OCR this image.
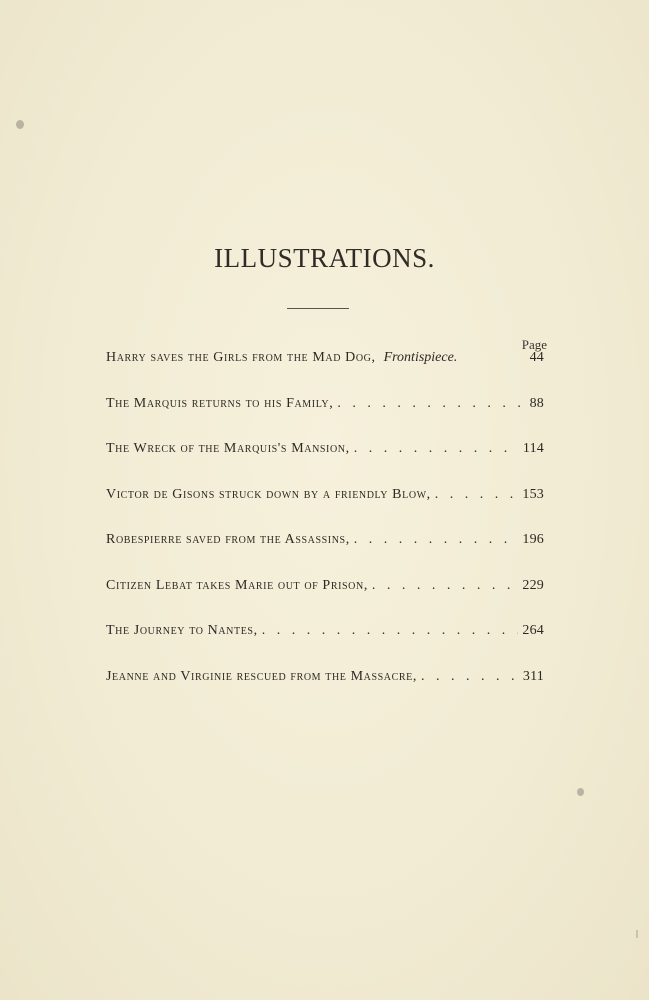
ILLUSTRATIONS.
Page
Harry saves the Girls from the Mad Dog, Frontispiece.	44
The Marquis returns to his Family, . . .	88
The Wreck of the Marquis's Mansion, . . .	114
Victor de Gisons struck down by a friendly Blow, . . .	153
Robespierre saved from the Assassins, . . .	196
Citizen Lebat takes Marie out of Prison, . . .	229
The Journey to Nantes, . . .	264
Jeanne and Virginie rescued from the Massacre, . . .	311
